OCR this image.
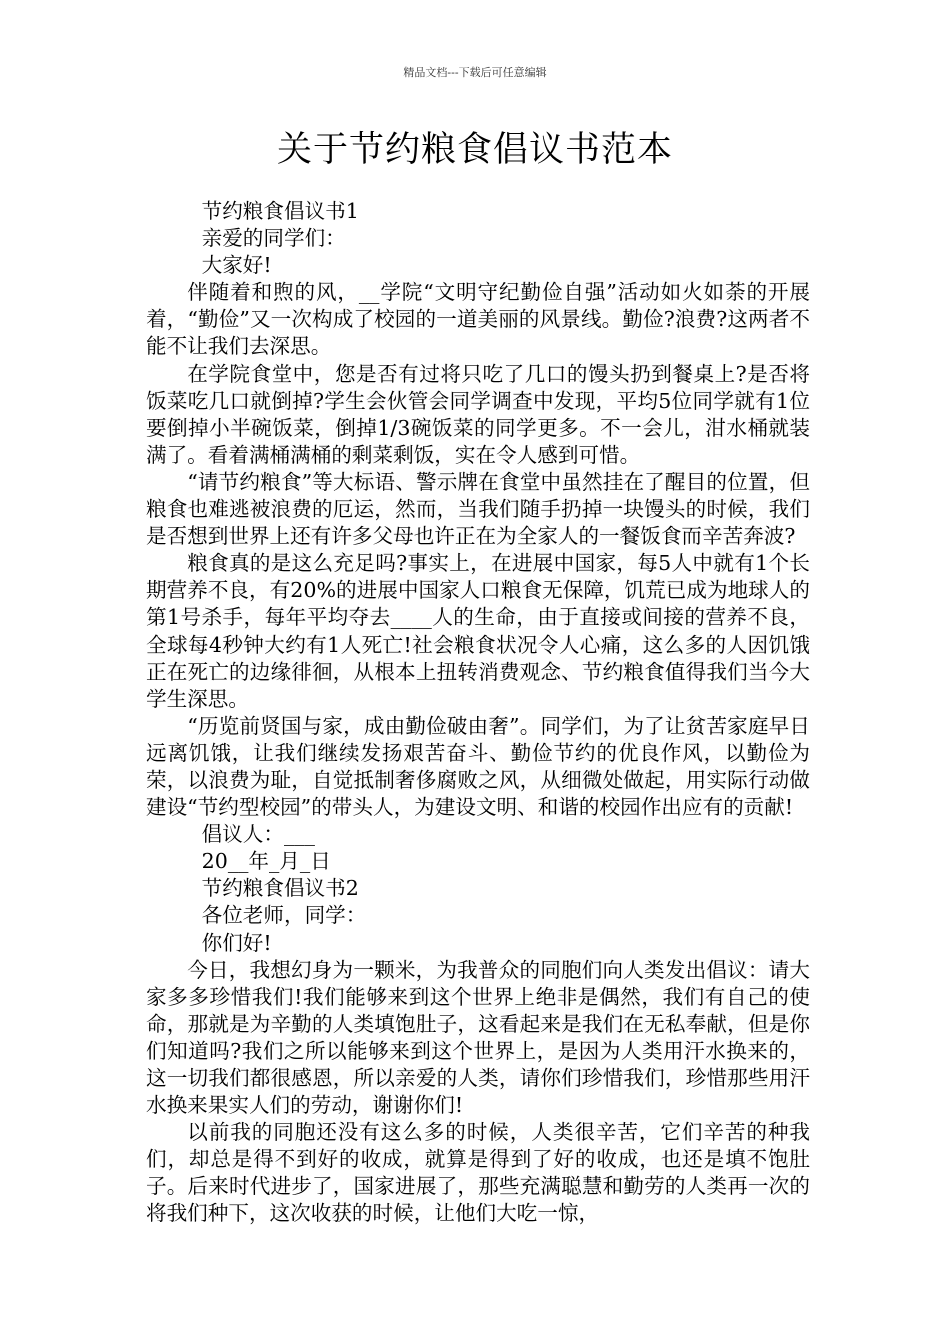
精品文档---下载后可任意编辑
关于节约粮食倡议书范本

节约粮食倡议书1

亲爱的同学们：

大家好!

伴随着和煦的风，__学院“文明守纪勤俭自强”活动如火如荼的开展着，“勤俭”又一次构成了校园的一道美丽的风景线。勤俭?浪费?这两者不能不让我们去深思。

在学院食堂中，您是否有过将只吃了几口的馒头扔到餐桌上?是否将饭菜吃几口就倒掉?学生会伙管会同学调查中发现，平均5位同学就有1位要倒掉小半碗饭菜，倒掉1/3碗饭菜的同学更多。不一会儿，泔水桶就装满了。看着满桶满桶的剩菜剩饭，实在令人感到可惜。

“请节约粮食”等大标语、警示牌在食堂中虽然挂在了醒目的位置，但粮食也难逃被浪费的厄运，然而，当我们随手扔掉一块馒头的时候，我们是否想到世界上还有许多父母也许正在为全家人的一餐饭食而辛苦奔波?

粮食真的是这么充足吗?事实上，在进展中国家，每5人中就有1个长期营养不良，有20%的进展中国家人口粮食无保障，饥荒已成为地球人的第1号杀手，每年平均夺去____人的生命，由于直接或间接的营养不良，全球每4秒钟大约有1人死亡!社会粮食状况令人心痛，这么多的人因饥饿正在死亡的边缘徘徊，从根本上扭转消费观念、节约粮食值得我们当今大学生深思。

“历览前贤国与家，成由勤俭破由奢”。同学们，为了让贫苦家庭早日远离饥饿，让我们继续发扬艰苦奋斗、勤俭节约的优良作风，以勤俭为荣，以浪费为耻，自觉抵制奢侈腐败之风，从细微处做起，用实际行动做建设“节约型校园”的带头人，为建设文明、和谐的校园作出应有的贡献!

倡议人：___

20__年_月_日

节约粮食倡议书2

各位老师，同学：

你们好!

今日，我想幻身为一颗米，为我普众的同胞们向人类发出倡议：请大家多多珍惜我们!我们能够来到这个世界上绝非是偶然，我们有自己的使命，那就是为辛勤的人类填饱肚子，这看起来是我们在无私奉献，但是你们知道吗?我们之所以能够来到这个世界上，是因为人类用汗水换来的，这一切我们都很感恩，所以亲爱的人类，请你们珍惜我们，珍惜那些用汗水换来果实人们的劳动，谢谢你们!

以前我的同胞还没有这么多的时候，人类很辛苦，它们辛苦的种我们，却总是得不到好的收成，就算是得到了好的收成，也还是填不饱肚子。后来时代进步了，国家进展了，那些充满聪慧和勤劳的人类再一次的将我们种下，这次收获的时候，让他们大吃一惊，
